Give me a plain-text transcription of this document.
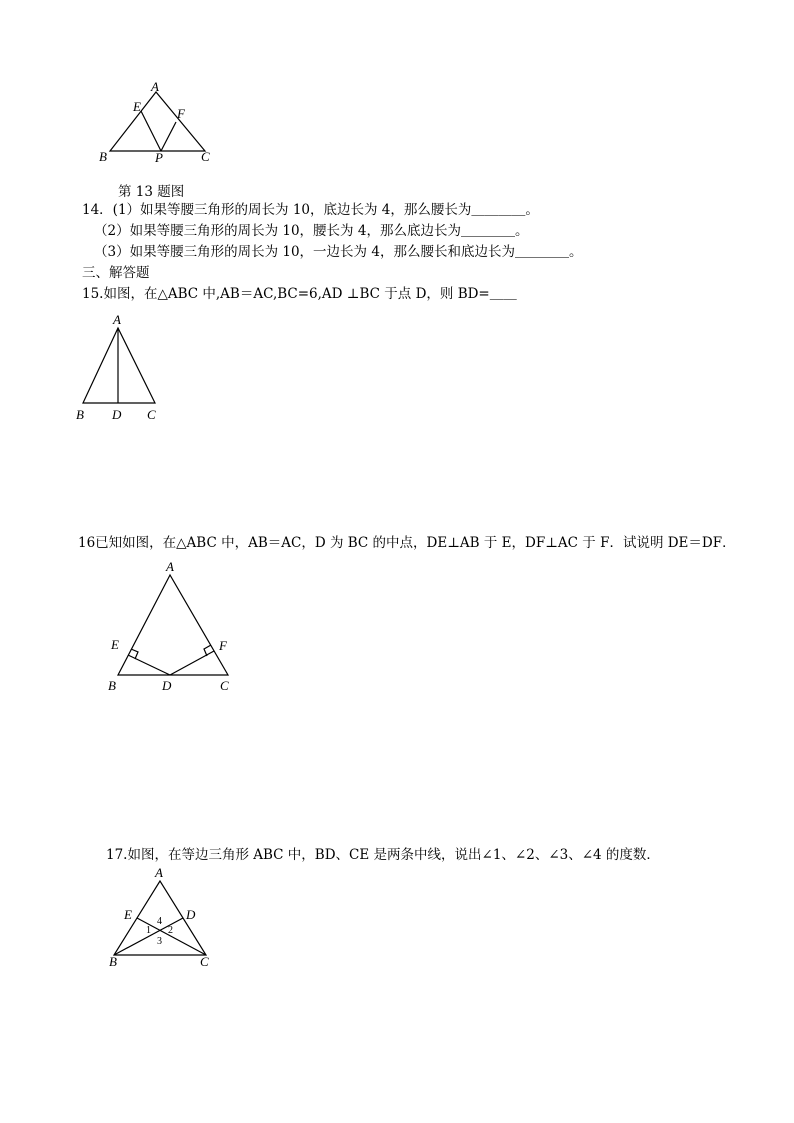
A
E	F
B	P	C
第 13 题图
14．(1）如果等腰三角形的周长为 10，底边长为 4，那么腰长为＿＿＿＿。
（2）如果等腰三角形的周长为 10，腰长为 4，那么底边长为＿＿＿＿。
（3）如果等腰三角形的周长为 10，一边长为 4，那么腰长和底边长为＿＿＿＿。
三、解答题
15.如图，在△ABC 中,AB＝AC,BC=6,AD ⊥BC 于点 D，则 BD=＿＿
A
B D C
16已知如图，在△ABC 中，AB＝AC，D 为 BC 的中点，DE⊥AB 于 E，DF⊥AC 于 F．试说明 DE＝DF．
A
E	F
B	D	C
17.如图，在等边三角形 ABC 中，BD、CE 是两条中线，说出∠1、∠2、∠3、∠4 的度数．
A
E	D
B	C
1 2
3
4
